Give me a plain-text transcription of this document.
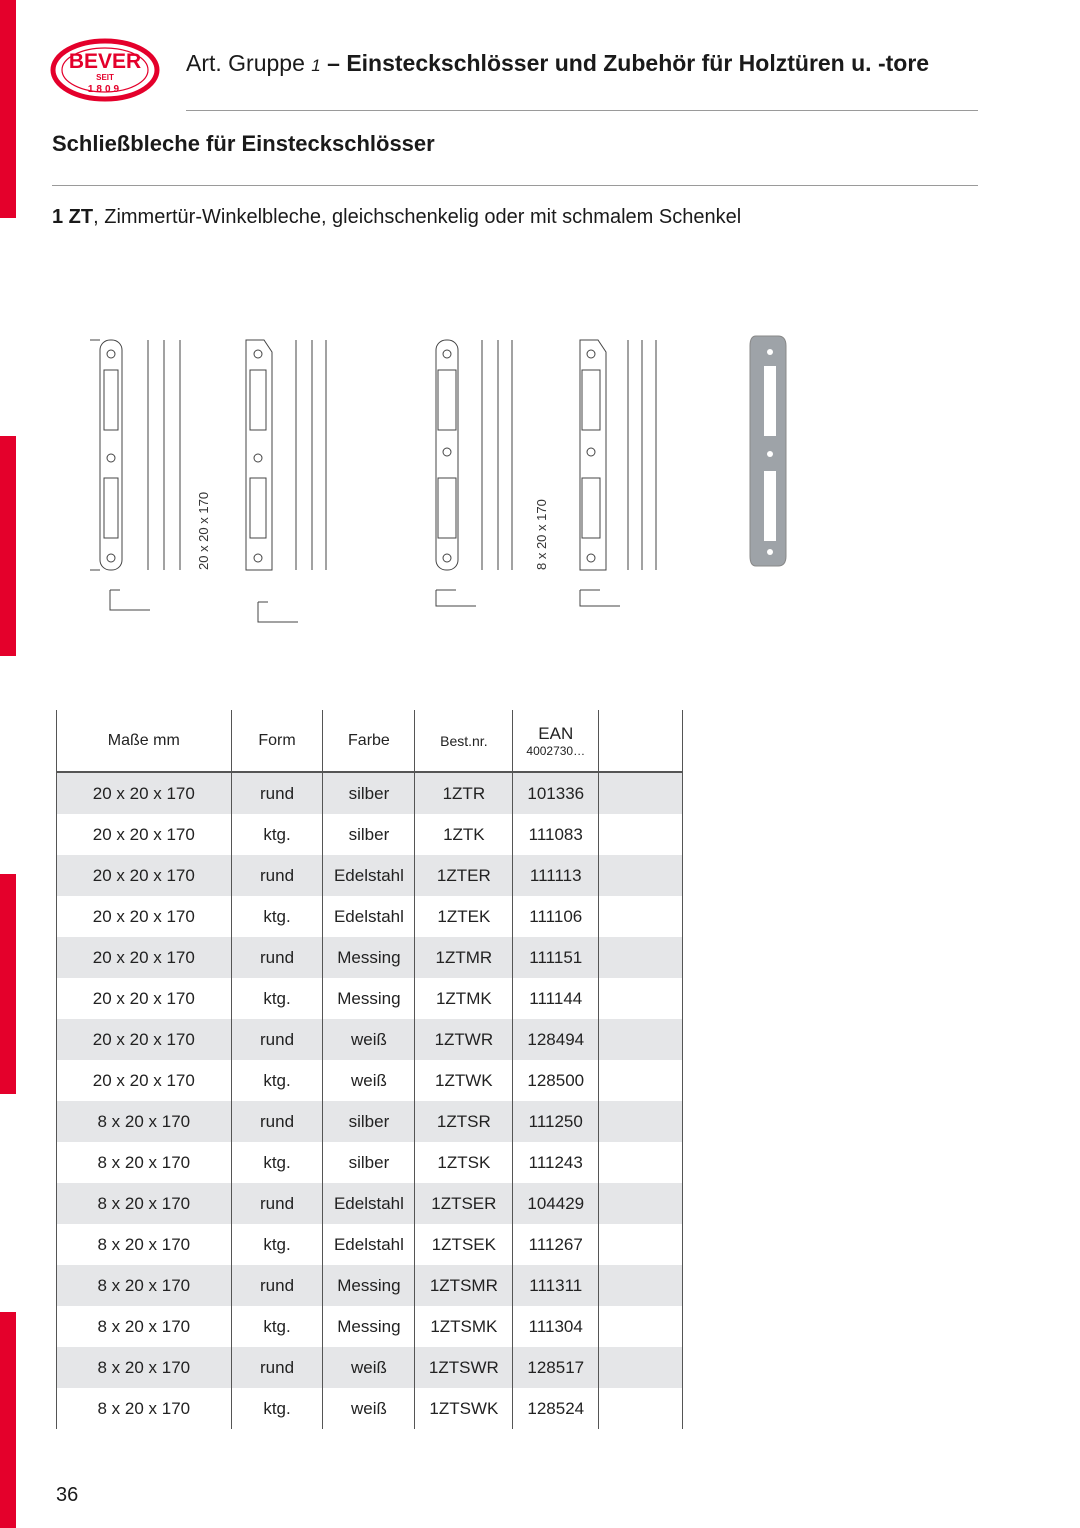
BEVER
SEIT
1809
Art. Gruppe 1 – Einsteckschlösser und Zubehör für Holztüren u. -tore
Schließbleche für Einsteckschlösser
1 ZT, Zimmertür-Winkelbleche, gleichschenkelig oder mit schmalem Schenkel
20 x 20 x 170	8 x 20 x 170
Maße mm	Form	Farbe	Best.nr.	EAN
4002730…	

20 x 20 x 170	rund	silber	1ZTR	101336	
20 x 20 x 170	ktg.	silber	1ZTK	111083	
20 x 20 x 170	rund	Edelstahl	1ZTER	111113	
20 x 20 x 170	ktg.	Edelstahl	1ZTEK	111106	
20 x 20 x 170	rund	Messing	1ZTMR	111151	
20 x 20 x 170	ktg.	Messing	1ZTMK	111144	
20 x 20 x 170	rund	weiß	1ZTWR	128494	
20 x 20 x 170	ktg.	weiß	1ZTWK	128500	
8 x 20 x 170	rund	silber	1ZTSR	111250	
8 x 20 x 170	ktg.	silber	1ZTSK	111243	
8 x 20 x 170	rund	Edelstahl	1ZTSER	104429	
8 x 20 x 170	ktg.	Edelstahl	1ZTSEK	111267	
8 x 20 x 170	rund	Messing	1ZTSMR	111311	
8 x 20 x 170	ktg.	Messing	1ZTSMK	111304	
8 x 20 x 170	rund	weiß	1ZTSWR	128517	
8 x 20 x 170	ktg.	weiß	1ZTSWK	128524	
36
